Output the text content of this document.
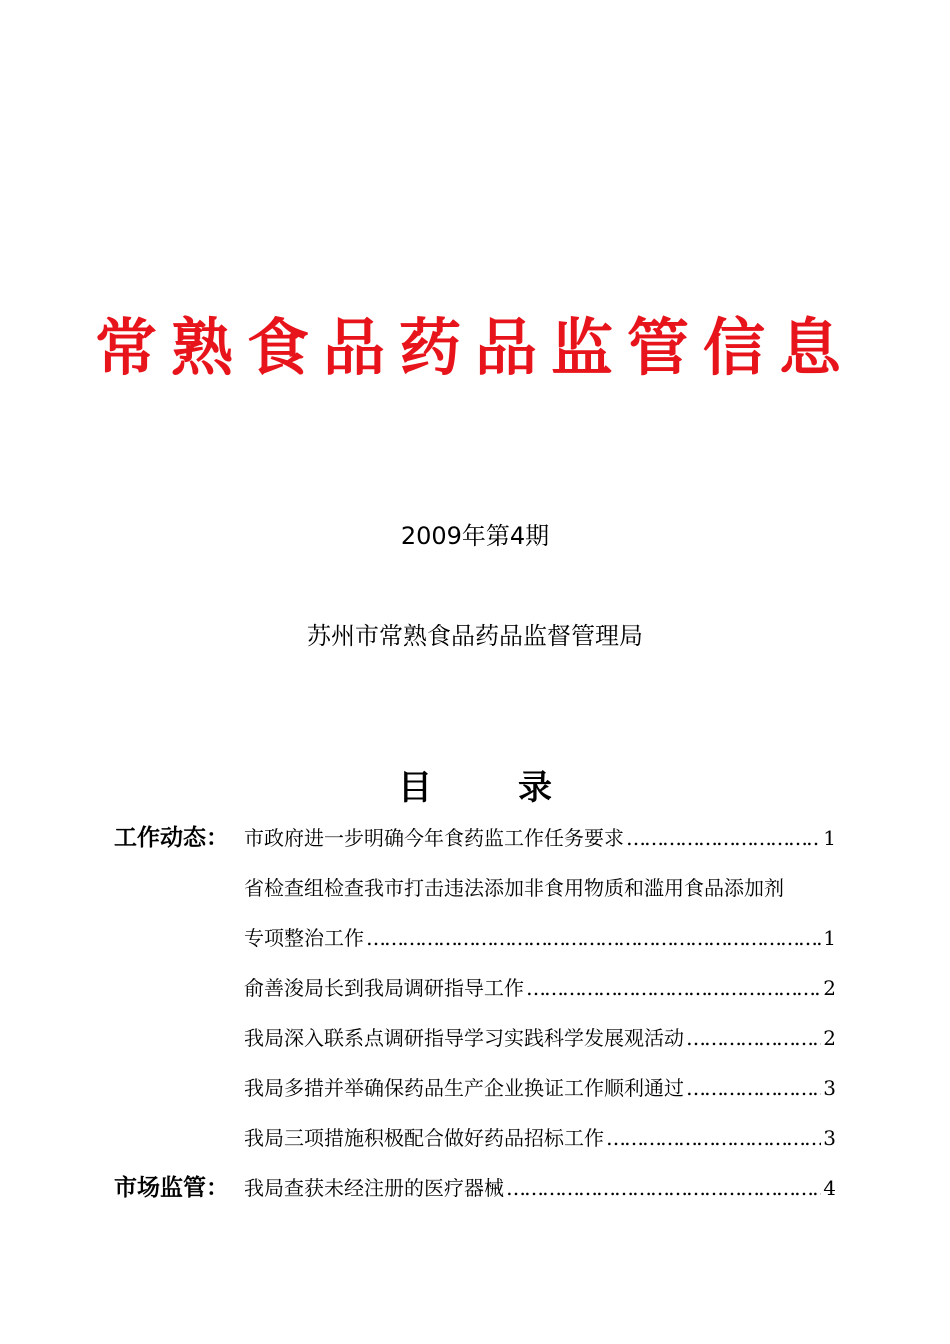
常熟食品药品监管信息
2009年第4期
苏州市常熟食品药品监督管理局
目	录
工作动态： 市政府进一步明确今年食药监工作任务要求 …………………………………………………………………………………………………………	1
省检查组检查我市打击违法添加非食用物质和滥用食品添加剂
专项整治工作 …………………………………………………………………………………………………………	1
俞善浚局长到我局调研指导工作 …………………………………………………………………………………………………………	2
我局深入联系点调研指导学习实践科学发展观活动 …………………………………………………………………………………………………………	2
我局多措并举确保药品生产企业换证工作顺利通过 …………………………………………………………………………………………………………	3
我局三项措施积极配合做好药品招标工作 …………………………………………………………………………………………………………	3
市场监管： 我局查获未经注册的医疗器械 …………………………………………………………………………………………………………	4
